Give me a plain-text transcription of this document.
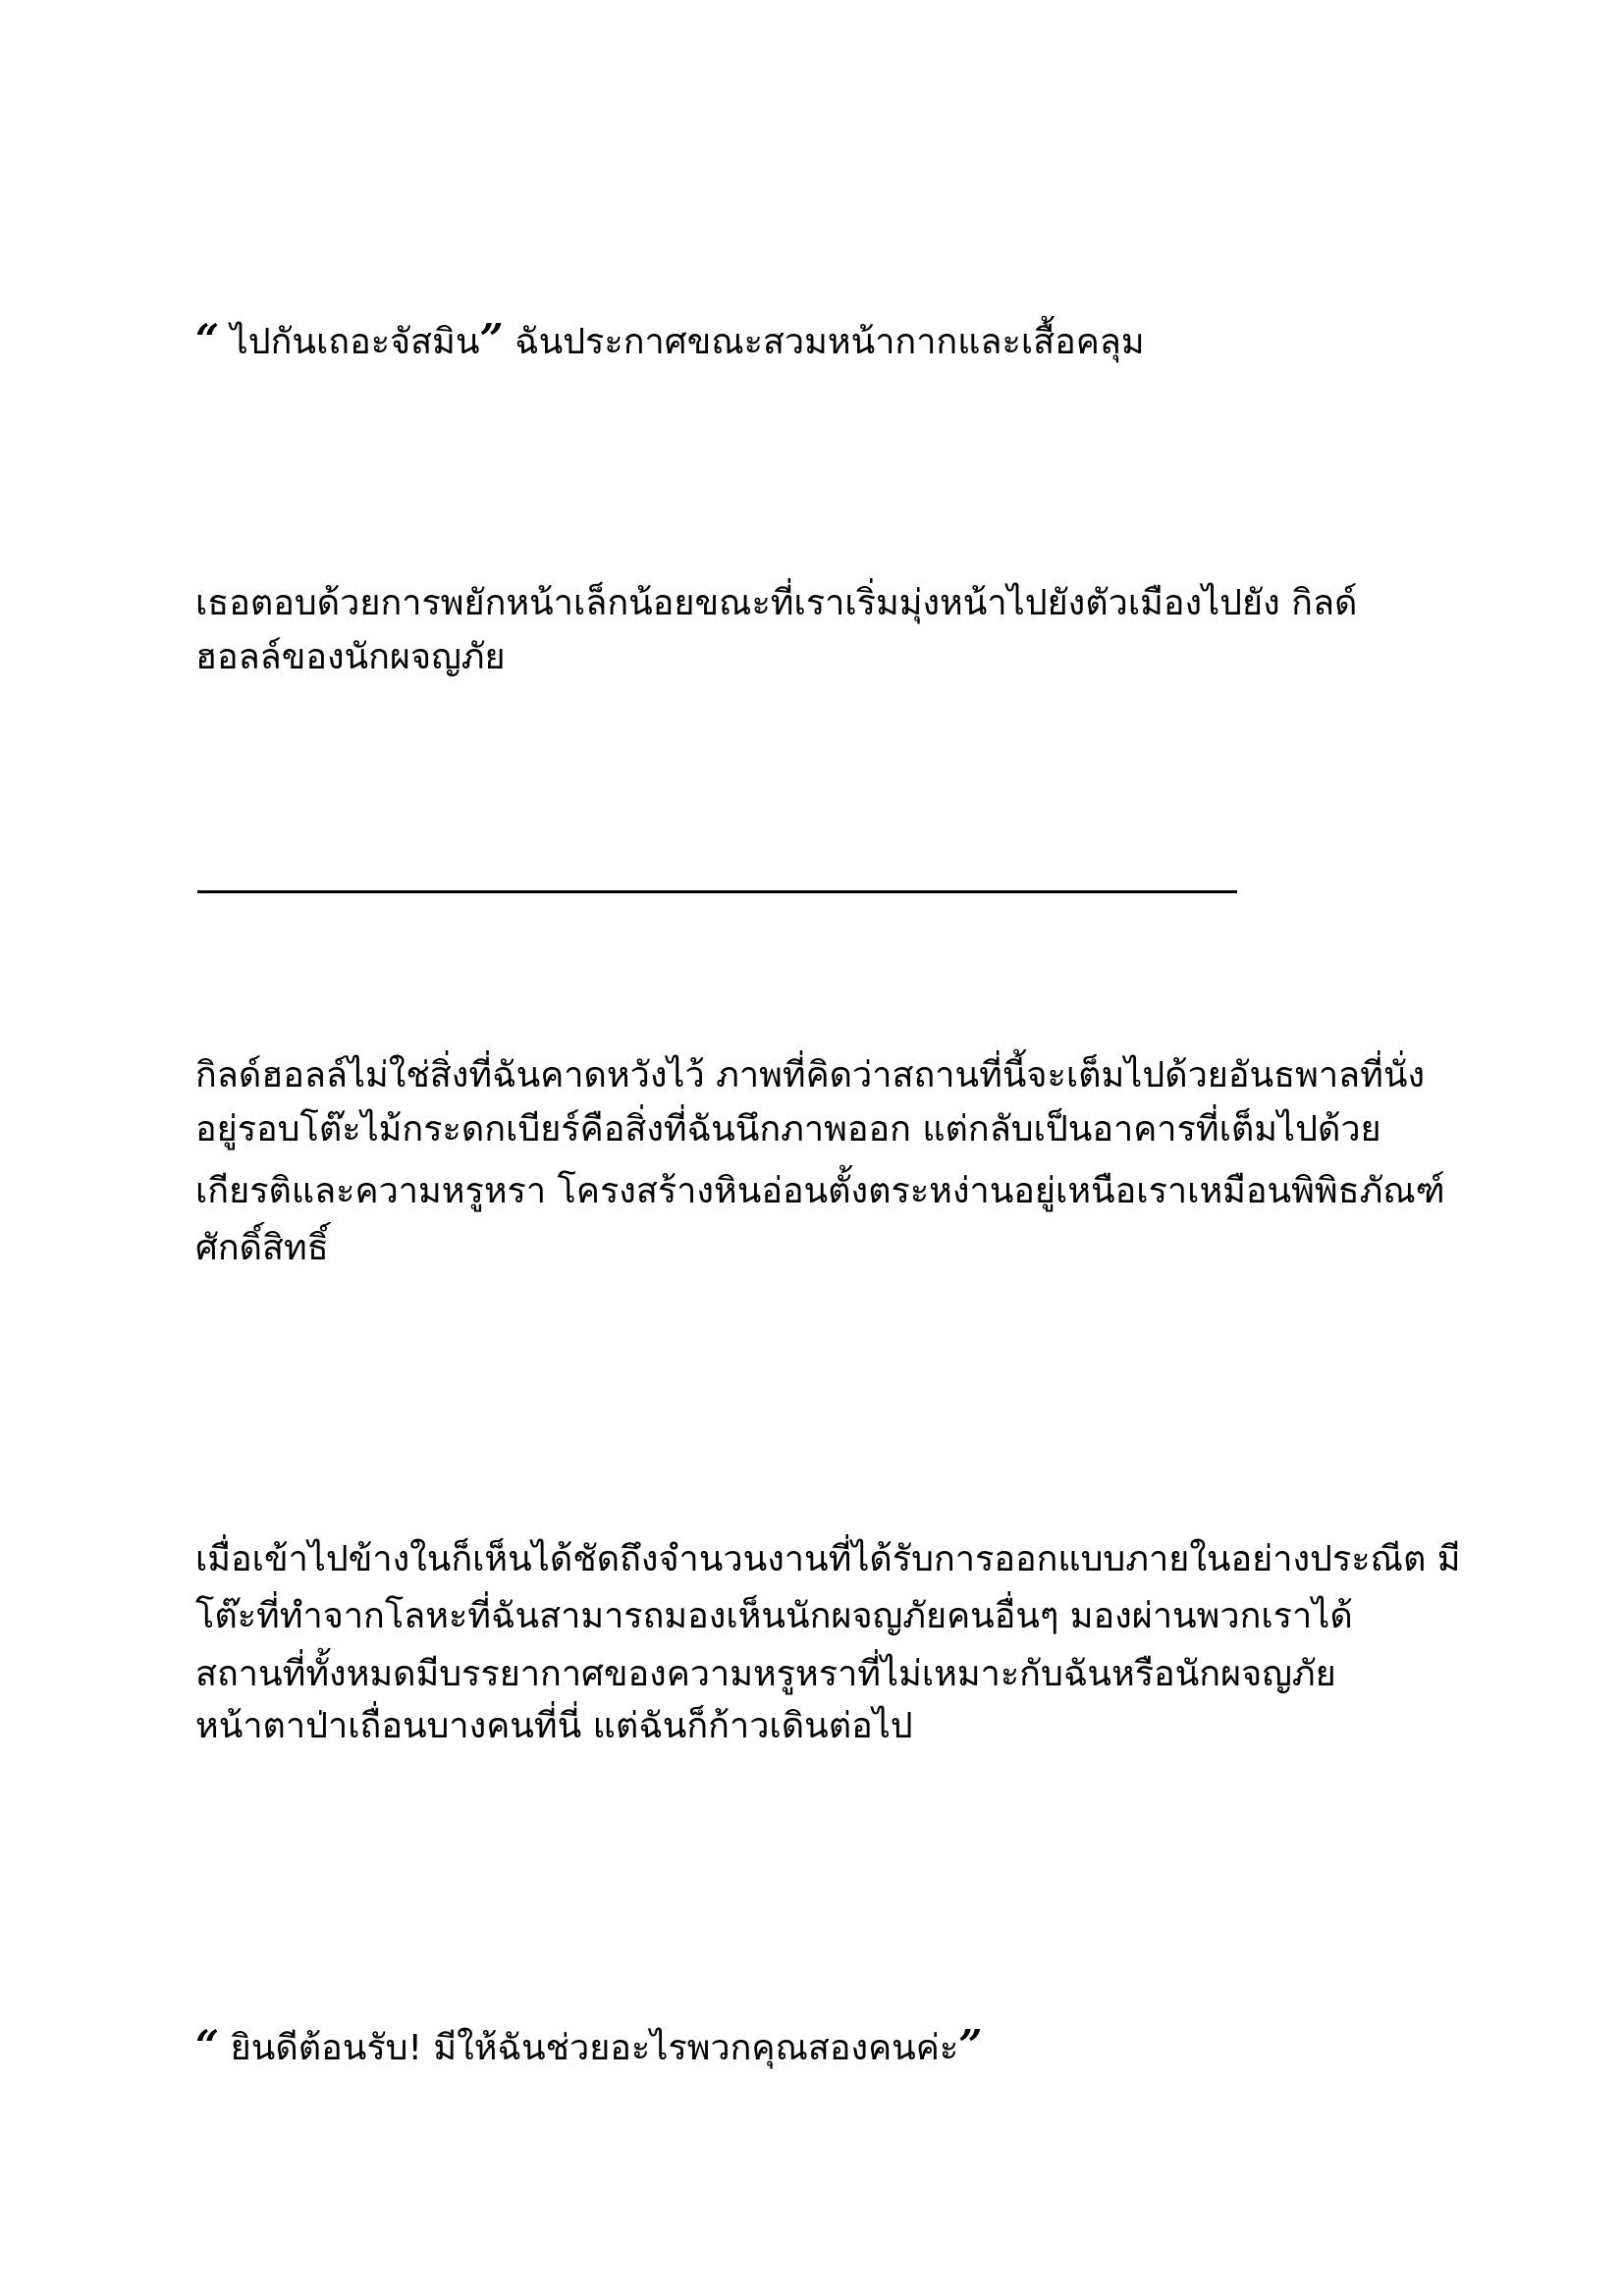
“ ไปกันเถอะจัสมิน” ฉันประกาศขณะสวมหน้ากากและเสื้อคลุม
เธอตอบด้วยการพยักหน้าเล็กน้อยขณะที่เราเริ่มมุ่งหน้าไปยังตัวเมืองไปยัง กิลด์
ฮอลล์ของนักผจญภัย
กิลด์ฮอลล์ไม่ใช่สิ่งที่ฉันคาดหวังไว้ ภาพที่คิดว่าสถานที่นี้จะเต็มไปด้วยอันธพาลที่นั่ง
อยู่รอบโต๊ะไม้กระดกเบียร์คือสิ่งที่ฉันนึกภาพออก แต่กลับเป็นอาคารที่เต็มไปด้วย
เกียรติและความหรูหรา โครงสร้างหินอ่อนตั้งตระหง่านอยู่เหนือเราเหมือนพิพิธภัณฑ์
ศักดิ์สิทธิ์
เมื่อเข้าไปข้างในก็เห็นได้ชัดถึงจำนวนงานที่ได้รับการออกแบบภายในอย่างประณีต มี
โต๊ะที่ทำจากโลหะที่ฉันสามารถมองเห็นนักผจญภัยคนอื่นๆ มองผ่านพวกเราได้
สถานที่ทั้งหมดมีบรรยากาศของความหรูหราที่ไม่เหมาะกับฉันหรือนักผจญภัย
หน้าตาป่าเถื่อนบางคนที่นี่ แต่ฉันก็ก้าวเดินต่อไป
“ ยินดีต้อนรับ! มีให้ฉันช่วยอะไรพวกคุณสองคนค่ะ”
